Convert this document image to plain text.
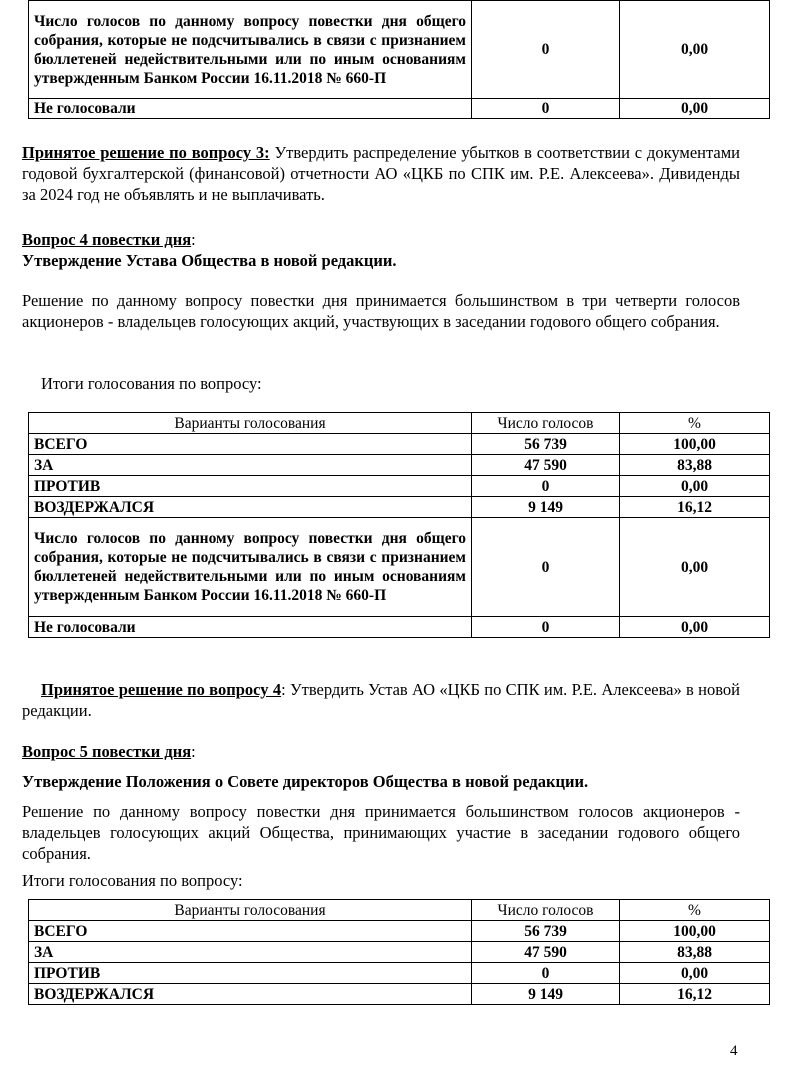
Число голосов по данному вопросу повестки дня общего собрания, которые не подсчитывались в связи с признанием бюллетеней недействительными или по иным основаниям утвержденным Банком России 16.11.2018 № 660-П	0	0,00
Не голосовали	0	0,00
Принятое решение по вопросу 3: Утвердить распределение убытков в соответствии с документами годовой бухгалтерской (финансовой) отчетности АО «ЦКБ по СПК им. Р.Е. Алексеева». Дивиденды за 2024 год не объявлять и не выплачивать.
Вопрос 4 повестки дня:
Утверждение Устава Общества в новой редакции.
Решение по данному вопросу повестки дня принимается большинством в три четверти голосов акционеров - владельцев голосующих акций, участвующих в заседании годового общего собрания.
Итоги голосования по вопросу:
Варианты голосования	Число голосов	%
ВСЕГО	56 739	100,00
ЗА	47 590	83,88
ПРОТИВ	0	0,00
ВОЗДЕРЖАЛСЯ	9 149	16,12
Число голосов по данному вопросу повестки дня общего собрания, которые не подсчитывались в связи с признанием бюллетеней недействительными или по иным основаниям утвержденным Банком России 16.11.2018 № 660-П	0	0,00
Не голосовали	0	0,00
Принятое решение по вопросу 4: Утвердить Устав АО «ЦКБ по СПК им. Р.Е. Алексеева» в новой редакции.
Вопрос 5 повестки дня:
Утверждение Положения о Совете директоров Общества в новой редакции.
Решение по данному вопросу повестки дня принимается большинством голосов акционеров - владельцев голосующих акций Общества, принимающих участие в заседании годового общего собрания.
Итоги голосования по вопросу:
Варианты голосования	Число голосов	%
ВСЕГО	56 739	100,00
ЗА	47 590	83,88
ПРОТИВ	0	0,00
ВОЗДЕРЖАЛСЯ	9 149	16,12
4
